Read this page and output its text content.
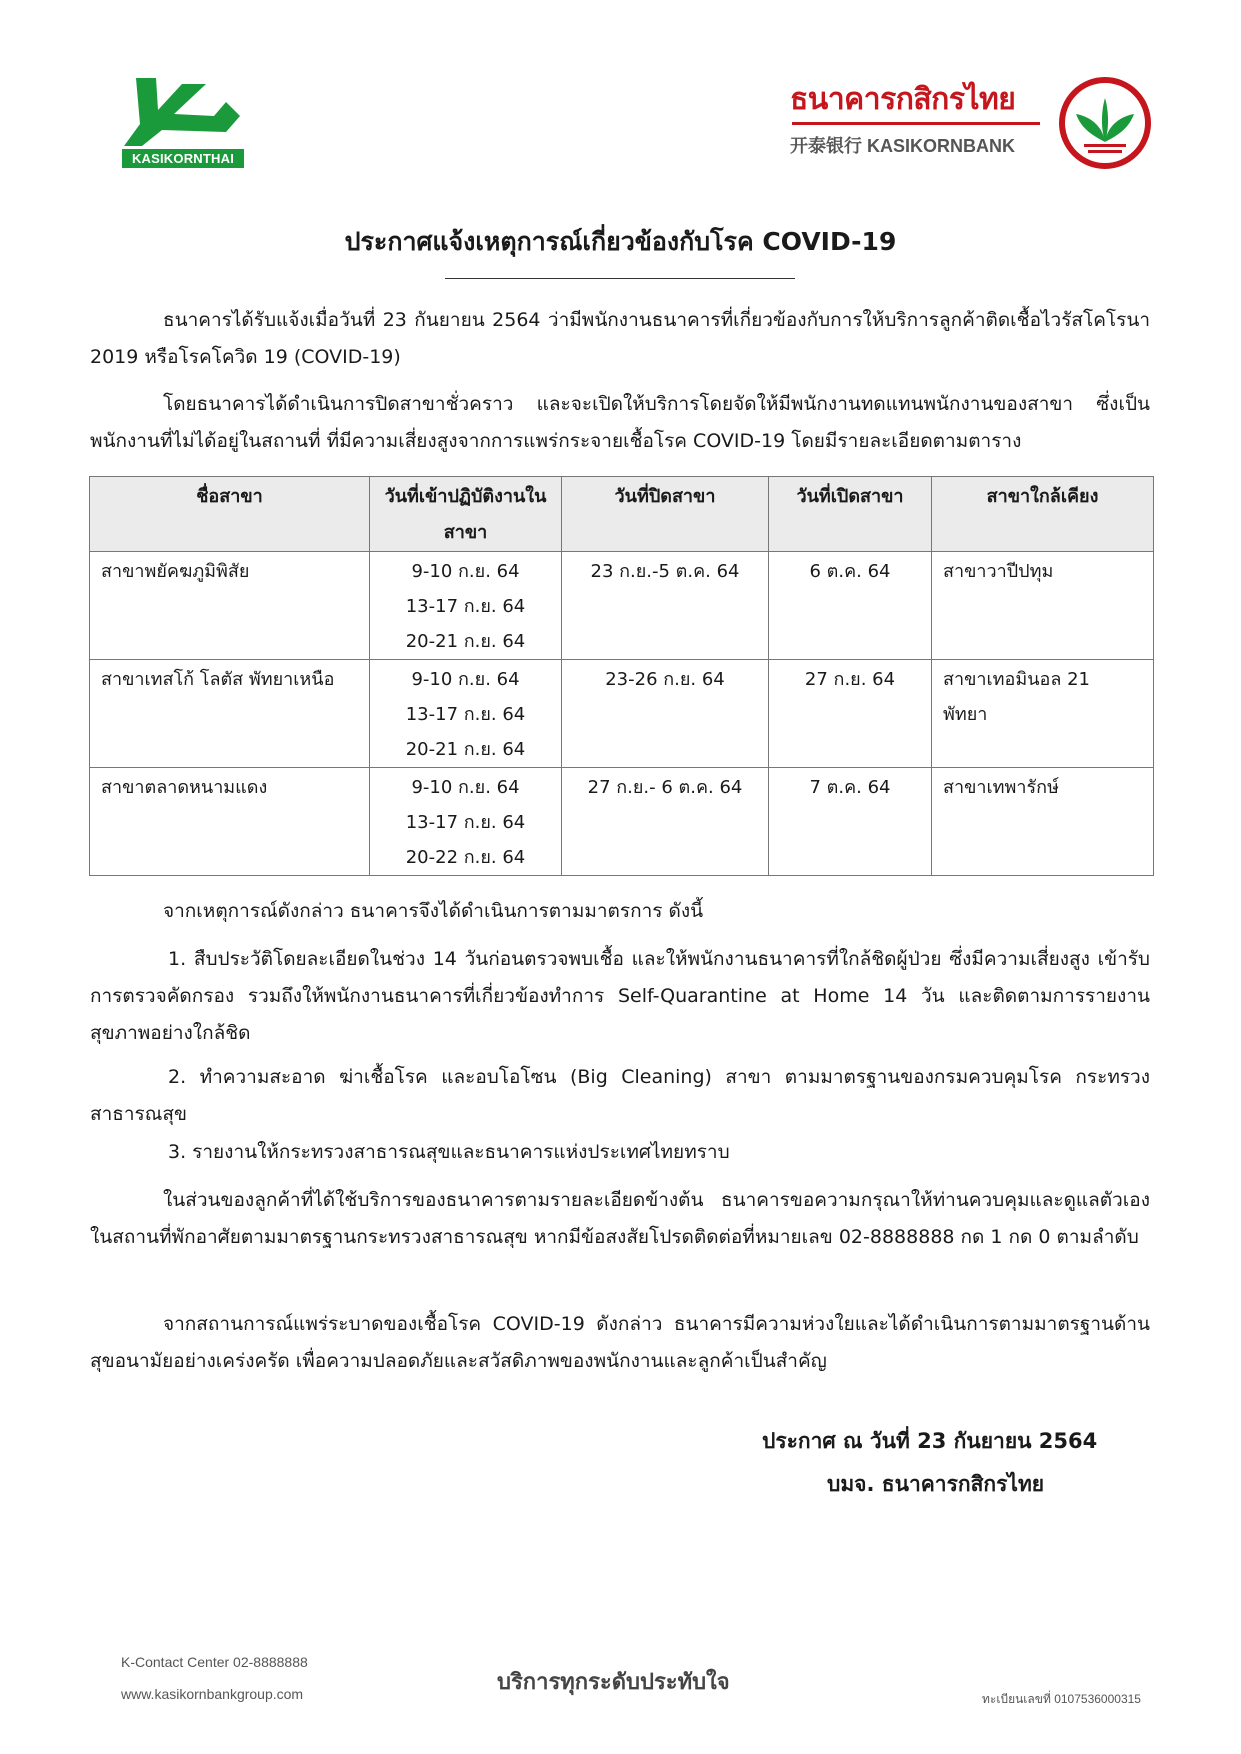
KASIKORNTHAI
ธนาคารกสิกรไทย
开泰银行 KASIKORNBANK
ประกาศแจ้งเหตุการณ์เกี่ยวข้องกับโรค COVID-19

ธนาคารได้รับแจ้งเมื่อวันที่ 23 กันยายน 2564 ว่ามีพนักงานธนาคารที่เกี่ยวข้องกับการให้บริการลูกค้าติดเชื้อไวรัสโคโรนา 2019 หรือโรคโควิด 19 (COVID-19)

โดยธนาคารได้ดำเนินการปิดสาขาชั่วคราว และจะเปิดให้บริการโดยจัดให้มีพนักงานทดแทนพนักงานของสาขา ซึ่งเป็นพนักงานที่ไม่ได้อยู่ในสถานที่ ที่มีความเสี่ยงสูงจากการแพร่กระจายเชื้อโรค COVID-19 โดยมีรายละเอียดตามตาราง

ชื่อสาขา	วันที่เข้าปฏิบัติงานในสาขา	วันที่ปิดสาขา	วันที่เปิดสาขา	สาขาใกล้เคียง
สาขาพยัคฆภูมิพิสัย	9-10 ก.ย. 64
13-17 ก.ย. 64
20-21 ก.ย. 64	23 ก.ย.-5 ต.ค. 64	6 ต.ค. 64	สาขาวาปีปทุม
สาขาเทสโก้ โลตัส พัทยาเหนือ	9-10 ก.ย. 64
13-17 ก.ย. 64
20-21 ก.ย. 64	23-26 ก.ย. 64	27 ก.ย. 64	สาขาเทอมินอล 21 พัทยา
สาขาตลาดหนามแดง	9-10 ก.ย. 64
13-17 ก.ย. 64
20-22 ก.ย. 64	27 ก.ย.- 6 ต.ค. 64	7 ต.ค. 64	สาขาเทพารักษ์

จากเหตุการณ์ดังกล่าว ธนาคารจึงได้ดำเนินการตามมาตรการ ดังนี้

1. สืบประวัติโดยละเอียดในช่วง 14 วันก่อนตรวจพบเชื้อ และให้พนักงานธนาคารที่ใกล้ชิดผู้ป่วย ซึ่งมีความเสี่ยงสูง เข้ารับการตรวจคัดกรอง รวมถึงให้พนักงานธนาคารที่เกี่ยวข้องทำการ Self-Quarantine at Home 14 วัน และติดตามการรายงานสุขภาพอย่างใกล้ชิด

2. ทำความสะอาด ฆ่าเชื้อโรค และอบโอโซน (Big Cleaning) สาขา ตามมาตรฐานของกรมควบคุมโรค กระทรวงสาธารณสุข

3. รายงานให้กระทรวงสาธารณสุขและธนาคารแห่งประเทศไทยทราบ

ในส่วนของลูกค้าที่ได้ใช้บริการของธนาคารตามรายละเอียดข้างต้น ธนาคารขอความกรุณาให้ท่านควบคุมและดูแลตัวเองในสถานที่พักอาศัยตามมาตรฐานกระทรวงสาธารณสุข หากมีข้อสงสัยโปรดติดต่อที่หมายเลข 02-8888888 กด 1 กด 0 ตามลำดับ

จากสถานการณ์แพร่ระบาดของเชื้อโรค COVID-19 ดังกล่าว ธนาคารมีความห่วงใยและได้ดำเนินการตามมาตรฐานด้านสุขอนามัยอย่างเคร่งครัด เพื่อความปลอดภัยและสวัสดิภาพของพนักงานและลูกค้าเป็นสำคัญ

ประกาศ ณ วันที่ 23 กันยายน 2564
บมจ. ธนาคารกสิกรไทย
K-Contact Center 02-8888888
www.kasikornbankgroup.com	บริการทุกระดับประทับใจ
ทะเบียนเลขที่ 0107536000315
